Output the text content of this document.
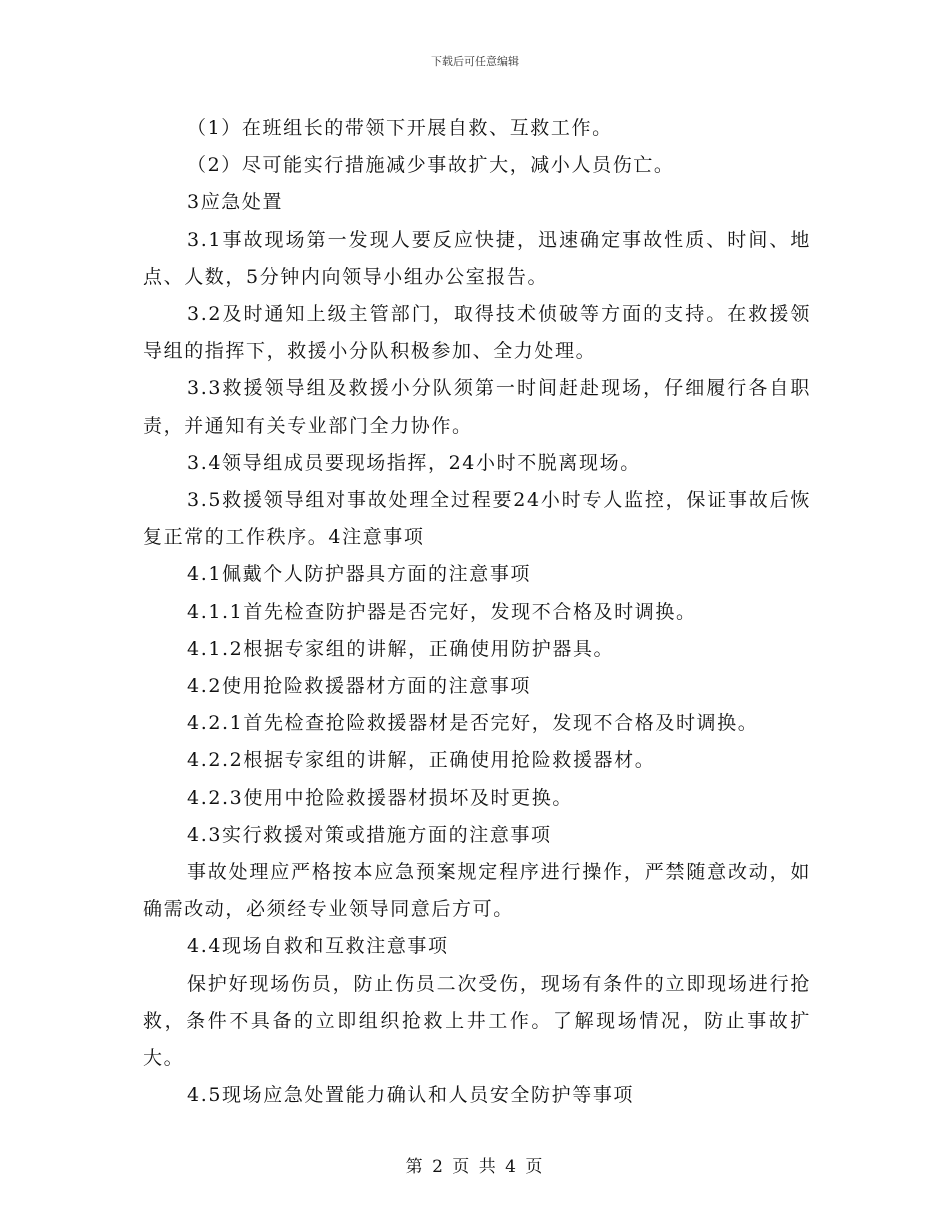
下载后可任意编辑

（1）在班组长的带领下开展自救、互救工作。

（2）尽可能实行措施减少事故扩大，减小人员伤亡。

3应急处置

3.1事故现场第一发现人要反应快捷，迅速确定事故性质、时间、地点、人数，5分钟内向领导小组办公室报告。

3.2及时通知上级主管部门，取得技术侦破等方面的支持。在救援领导组的指挥下，救援小分队积极参加、全力处理。

3.3救援领导组及救援小分队须第一时间赶赴现场，仔细履行各自职责，并通知有关专业部门全力协作。

3.4领导组成员要现场指挥，24小时不脱离现场。

3.5救援领导组对事故处理全过程要24小时专人监控，保证事故后恢复正常的工作秩序。4注意事项

4.1佩戴个人防护器具方面的注意事项

4.1.1首先检查防护器是否完好，发现不合格及时调换。

4.1.2根据专家组的讲解，正确使用防护器具。

4.2使用抢险救援器材方面的注意事项

4.2.1首先检查抢险救援器材是否完好，发现不合格及时调换。

4.2.2根据专家组的讲解，正确使用抢险救援器材。

4.2.3使用中抢险救援器材损坏及时更换。

4.3实行救援对策或措施方面的注意事项

事故处理应严格按本应急预案规定程序进行操作，严禁随意改动，如确需改动，必须经专业领导同意后方可。

4.4现场自救和互救注意事项

保护好现场伤员，防止伤员二次受伤，现场有条件的立即现场进行抢救，条件不具备的立即组织抢救上井工作。了解现场情况，防止事故扩大。

4.5现场应急处置能力确认和人员安全防护等事项

第 2 页 共 4 页
